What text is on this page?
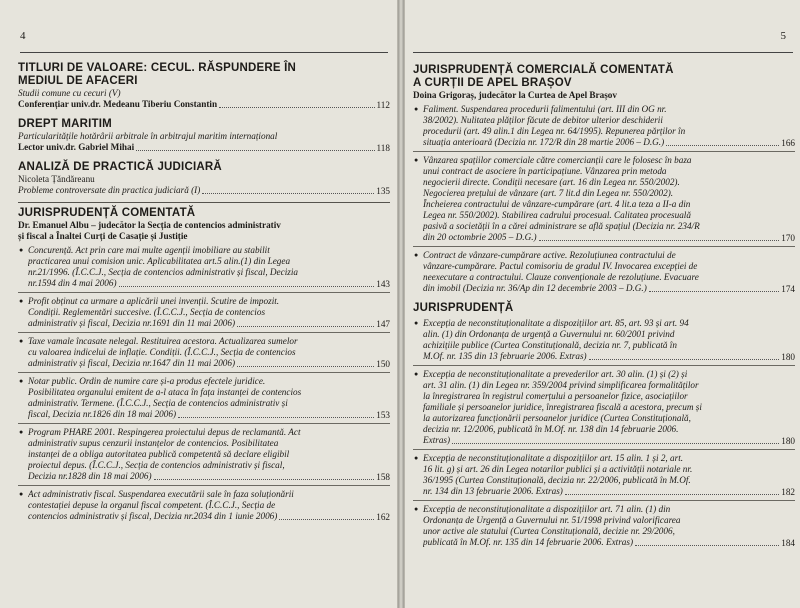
4
TITLURI DE VALOARE: CECUL. RĂSPUNDERE ÎN
MEDIUL DE AFACERI
Studii comune cu cecuri (V)
Conferențiar univ.dr. Medeanu Tiberiu Constantin	112
DREPT MARITIM
Particularitățile hotărârii arbitrale în arbitrajul maritim internațional
Lector univ.dr. Gabriel Mihai	118
ANALIZĂ DE PRACTICĂ JUDICIARĂ
Nicoleta Țăndăreanu
Probleme controversate din practica judiciară (I)	135
JURISPRUDENȚĂ COMENTATĂ
Dr. Emanuel Albu – judecător la Secția de contencios administrativ
și fiscal a Înaltei Curți de Casație și Justiție
● Concurență. Act prin care mai multe agenții imobiliare au stabilit
practicarea unui comision unic. Aplicabilitatea art.5 alin.(1) din Legea
nr.21/1996. (Î.C.C.J., Secția de contencios administrativ și fiscal, Decizia
nr.1594 din 4 mai 2006)	143
● Profit obținut ca urmare a aplicării unei invenții. Scutire de impozit.
Condiții. Reglementări succesive. (Î.C.C.J., Secția de contencios
administrativ și fiscal, Decizia nr.1691 din 11 mai 2006)	147
● Taxe vamale încasate nelegal. Restituirea acestora. Actualizarea sumelor
cu valoarea indicelui de inflație. Condiții. (Î.C.C.J., Secția de contencios
administrativ și fiscal, Decizia nr.1647 din 11 mai 2006)	150
● Notar public. Ordin de numire care și-a produs efectele juridice.
Posibilitatea organului emitent de a-l ataca în fața instanței de contencios
administrativ. Termene. (Î.C.C.J., Secția de contencios administrativ și
fiscal, Decizia nr.1826 din 18 mai 2006)	153
● Program PHARE 2001. Respingerea proiectului depus de reclamantă. Act
administrativ supus cenzurii instanțelor de contencios. Posibilitatea
instanței de a obliga autoritatea publică competentă să declare eligibil
proiectul depus. (Î.C.C.J., Secția de contencios administrativ și fiscal,
Decizia nr.1828 din 18 mai 2006)	158
● Act administrativ fiscal. Suspendarea executării sale în faza soluționării
contestației depuse la organul fiscal competent. (Î.C.C.J., Secția de
contencios administrativ și fiscal, Decizia nr.2034 din 1 iunie 2006)	162
5
JURISPRUDENȚĂ COMERCIALĂ COMENTATĂ
A CURȚII DE APEL BRAȘOV
Doina Grigoraș, judecător la Curtea de Apel Brașov
● Faliment. Suspendarea procedurii falimentului (art. III din OG nr.
38/2002). Nulitatea plăților făcute de debitor ulterior deschiderii
procedurii (art. 49 alin.1 din Legea nr. 64/1995). Repunerea părților în
situația anterioară (Decizia nr. 172/R din 28 martie 2006 – D.G.)	166
● Vânzarea spațiilor comerciale către comercianții care le folosesc în baza
unui contract de asociere în participațiune. Vânzarea prin metoda
negocierii directe. Condiții necesare (art. 16 din Legea nr. 550/2002).
Negocierea prețului de vânzare (art. 7 lit.d din Legea nr. 550/2002).
Încheierea contractului de vânzare-cumpărare (art. 4 lit.a teza a II-a din
Legea nr. 550/2002). Stabilirea cadrului procesual. Calitatea procesuală
pasivă a societății în a cărei administrare se află spațiul (Decizia nr. 234/R
din 20 octombrie 2005 – D.G.)	170
● Contract de vânzare-cumpărare active. Rezoluțiunea contractului de
vânzare-cumpărare. Pactul comisoriu de gradul IV. Invocarea excepției de
neexecutare a contractului. Clauze convenționale de rezoluțiune. Evacuare
din imobil (Decizia nr. 36/Ap din 12 decembrie 2003 – D.G.)	174
JURISPRUDENȚĂ
● Excepția de neconstituționalitate a dispozițiilor art. 85, art. 93 și art. 94
alin. (1) din Ordonanța de urgență a Guvernului nr. 60/2001 privind
achizițiile publice (Curtea Constituțională, decizia nr. 7, publicată în
M.Of. nr. 135 din 13 februarie 2006. Extras)	180
● Excepția de neconstituționalitate a prevederilor art. 30 alin. (1) și (2) și
art. 31 alin. (1) din Legea nr. 359/2004 privind simplificarea formalităților
la înregistrarea în registrul comerțului a persoanelor fizice, asociațiilor
familiale și persoanelor juridice, înregistrarea fiscală a acestora, precum și
la autorizarea funcționării persoanelor juridice (Curtea Constituțională,
decizia nr. 12/2006, publicată în M.Of. nr. 138 din 14 februarie 2006.
Extras)	180
● Excepția de neconstituționalitate a dispozițiilor art. 15 alin. 1 și 2, art.
16 lit. g) și art. 26 din Legea notarilor publici și a activității notariale nr.
36/1995 (Curtea Constituțională, decizia nr. 22/2006, publicată în M.Of.
nr. 134 din 13 februarie 2006. Extras)	182
● Excepția de neconstituționalitate a dispozițiilor art. 71 alin. (1) din
Ordonanța de Urgență a Guvernului nr. 51/1998 privind valorificarea
unor active ale statului (Curtea Constituțională, decizie nr. 29/2006,
publicată în M.Of. nr. 135 din 14 februarie 2006. Extras)	184
